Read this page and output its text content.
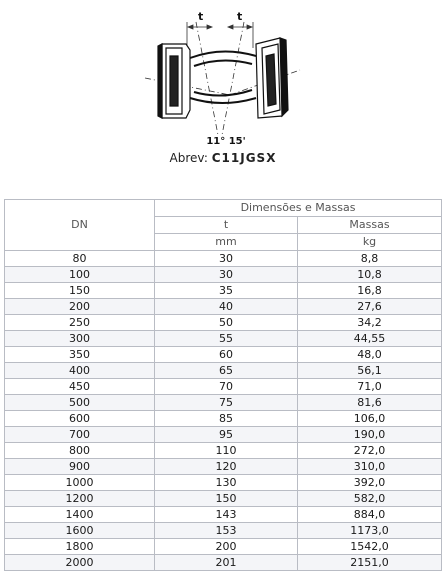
11° 15'
Abrev: C11JGSX
t	t
DN	Dimensões e Massas	
	t	Massas
	mm	kg
80	30	8,8
100	30	10,8
150	35	16,8
200	40	27,6
250	50	34,2
300	55	44,55
350	60	48,0
400	65	56,1
450	70	71,0
500	75	81,6
600	85	106,0
700	95	190,0
800	110	272,0
900	120	310,0
1000	130	392,0
1200	150	582,0
1400	143	884,0
1600	153	1173,0
1800	200	1542,0
2000	201	2151,0
